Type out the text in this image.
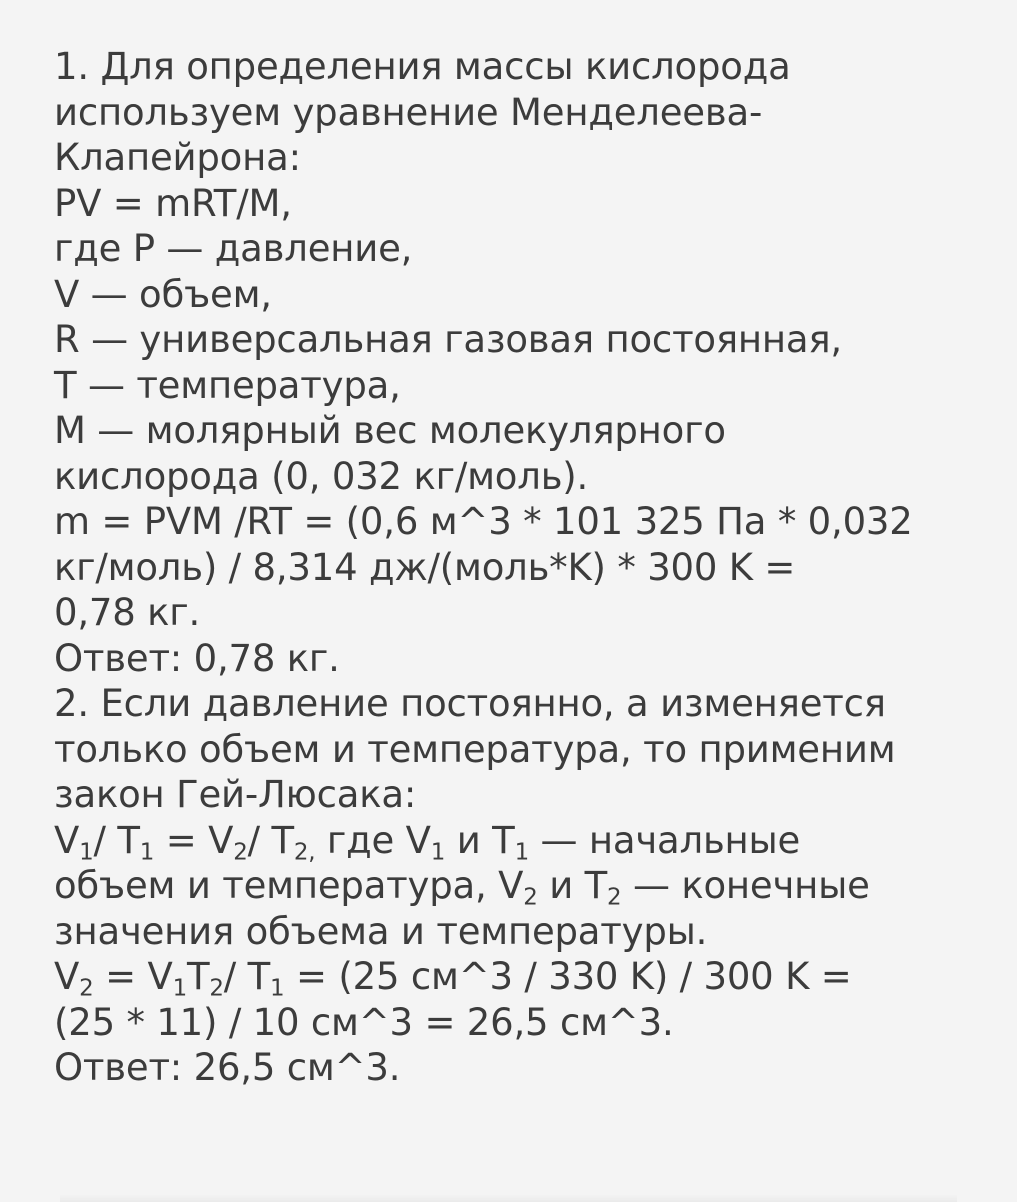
1. Для определения массы кислорода
используем уравнение Менделеева-
Клапейрона:
PV = mRT/M,
где P — давление,
V — объем,
R — универсальная газовая постоянная,
T — температура,
M — молярный вес молекулярного
кислорода (0, 032 кг/моль).
m = PVM /RT = (0,6 м^3 * 101 325 Па * 0,032
кг/моль) / 8,314 дж/(моль*K) * 300 K =
0,78 кг.
Ответ: 0,78 кг.
2. Если давление постоянно, а изменяется
только объем и температура, то применим
закон Гей-Люсака:
$V_1/$ $T_1 = V_2/$ $T_{2,}$ где $V_1$ и $T_1$ — начальные
объем и температура, $V_2$ и $T_2$ — конечные
значения объема и температуры.
$V_2 = V_1T_2/$ $T_1 = (25$ см^3 / 330 K) / 300 K =
(25 * 11) / 10 см^3 = 26,5 см^3.
Ответ: 26,5 см^3.
